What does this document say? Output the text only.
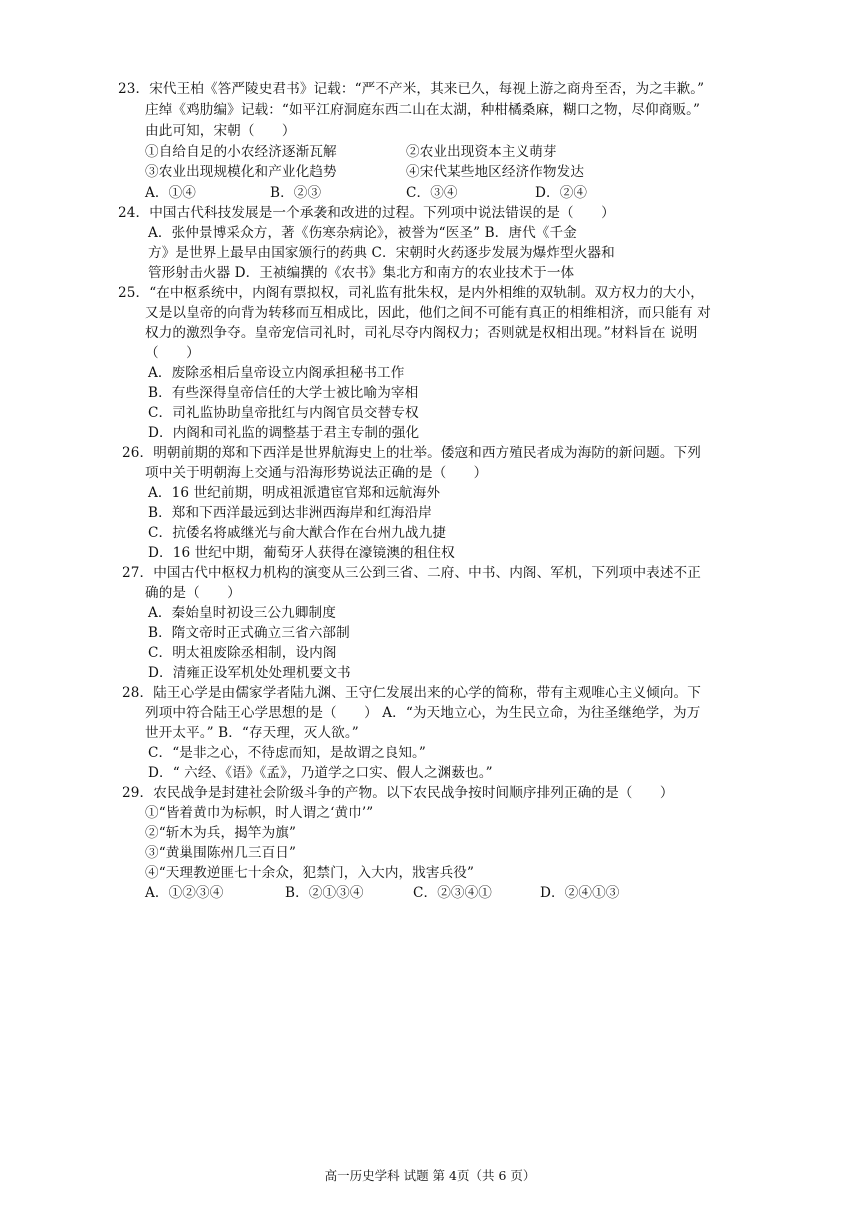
23．宋代王柏《答严陵史君书》记载：“严不产米，其来已久，每视上游之商舟至否，为之丰歉。”
庄绰《鸡肋编》记载：“如平江府洞庭东西二山在太湖，种柑橘桑麻，糊口之物，尽仰商贩。”
由此可知，宋朝（　　）
①自给自足的小农经济逐渐瓦解	②农业出现资本主义萌芽
③农业出现规模化和产业化趋势	④宋代某些地区经济作物发达
A．①④	B．②③	C．③④	D．②④
24．中国古代科技发展是一个承袭和改进的过程。下列项中说法错误的是（　　）
A．张仲景博采众方，著《伤寒杂病论》，被誉为“医圣” B．唐代《千金
方》是世界上最早由国家颁行的药典 C．宋朝时火药逐步发展为爆炸型火器和
管形射击火器 D．王祯编撰的《农书》集北方和南方的农业技术于一体
25．“在中枢系统中，内阁有票拟权，司礼监有批朱权，是内外相维的双轨制。双方权力的大小，
又是以皇帝的向背为转移而互相成比，因此，他们之间不可能有真正的相维相济，而只能有 对
权力的激烈争夺。皇帝宠信司礼时，司礼尽夺内阁权力；否则就是权相出现。”材料旨在 说明
（　　）
A．废除丞相后皇帝设立内阁承担秘书工作
B．有些深得皇帝信任的大学士被比喻为宰相
C．司礼监协助皇帝批红与内阁官员交替专权
D．内阁和司礼监的调整基于君主专制的强化
26．明朝前期的郑和下西洋是世界航海史上的壮举。倭寇和西方殖民者成为海防的新问题。下列
项中关于明朝海上交通与沿海形势说法正确的是（　　）
A．16 世纪前期，明成祖派遣宦官郑和远航海外
B．郑和下西洋最远到达非洲西海岸和红海沿岸
C．抗倭名将戚继光与俞大猷合作在台州九战九捷
D．16 世纪中期，葡萄牙人获得在濠镜澳的租住权
27．中国古代中枢权力机构的演变从三公到三省、二府、中书、内阁、军机，下列项中表述不正
确的是（　　）
A．秦始皇时初设三公九卿制度
B．隋文帝时正式确立三省六部制
C．明太祖废除丞相制，设内阁
D．清雍正设军机处处理机要文书
28．陆王心学是由儒家学者陆九渊、王守仁发展出来的心学的简称，带有主观唯心主义倾向。下
列项中符合陆王心学思想的是（　　） A．“为天地立心，为生民立命，为往圣继绝学，为万
世开太平。” B．“存天理，灭人欲。”
C．“是非之心，不待虑而知，是故谓之良知。”
D．“ 六经、《语》《孟》，乃道学之口实、假人之渊薮也。”
29．农民战争是封建社会阶级斗争的产物。以下农民战争按时间顺序排列正确的是（　　）
①“皆着黄巾为标帜，时人谓之‘黄巾’”
②“斩木为兵，揭竿为旗”
③“黄巢围陈州几三百日”
④“天理教逆匪七十余众，犯禁门，入大内，戕害兵役”
A．①②③④	B．②①③④	C．②③④①	D．②④①③
高一历史学科 试题 第 4页（共 6 页）
